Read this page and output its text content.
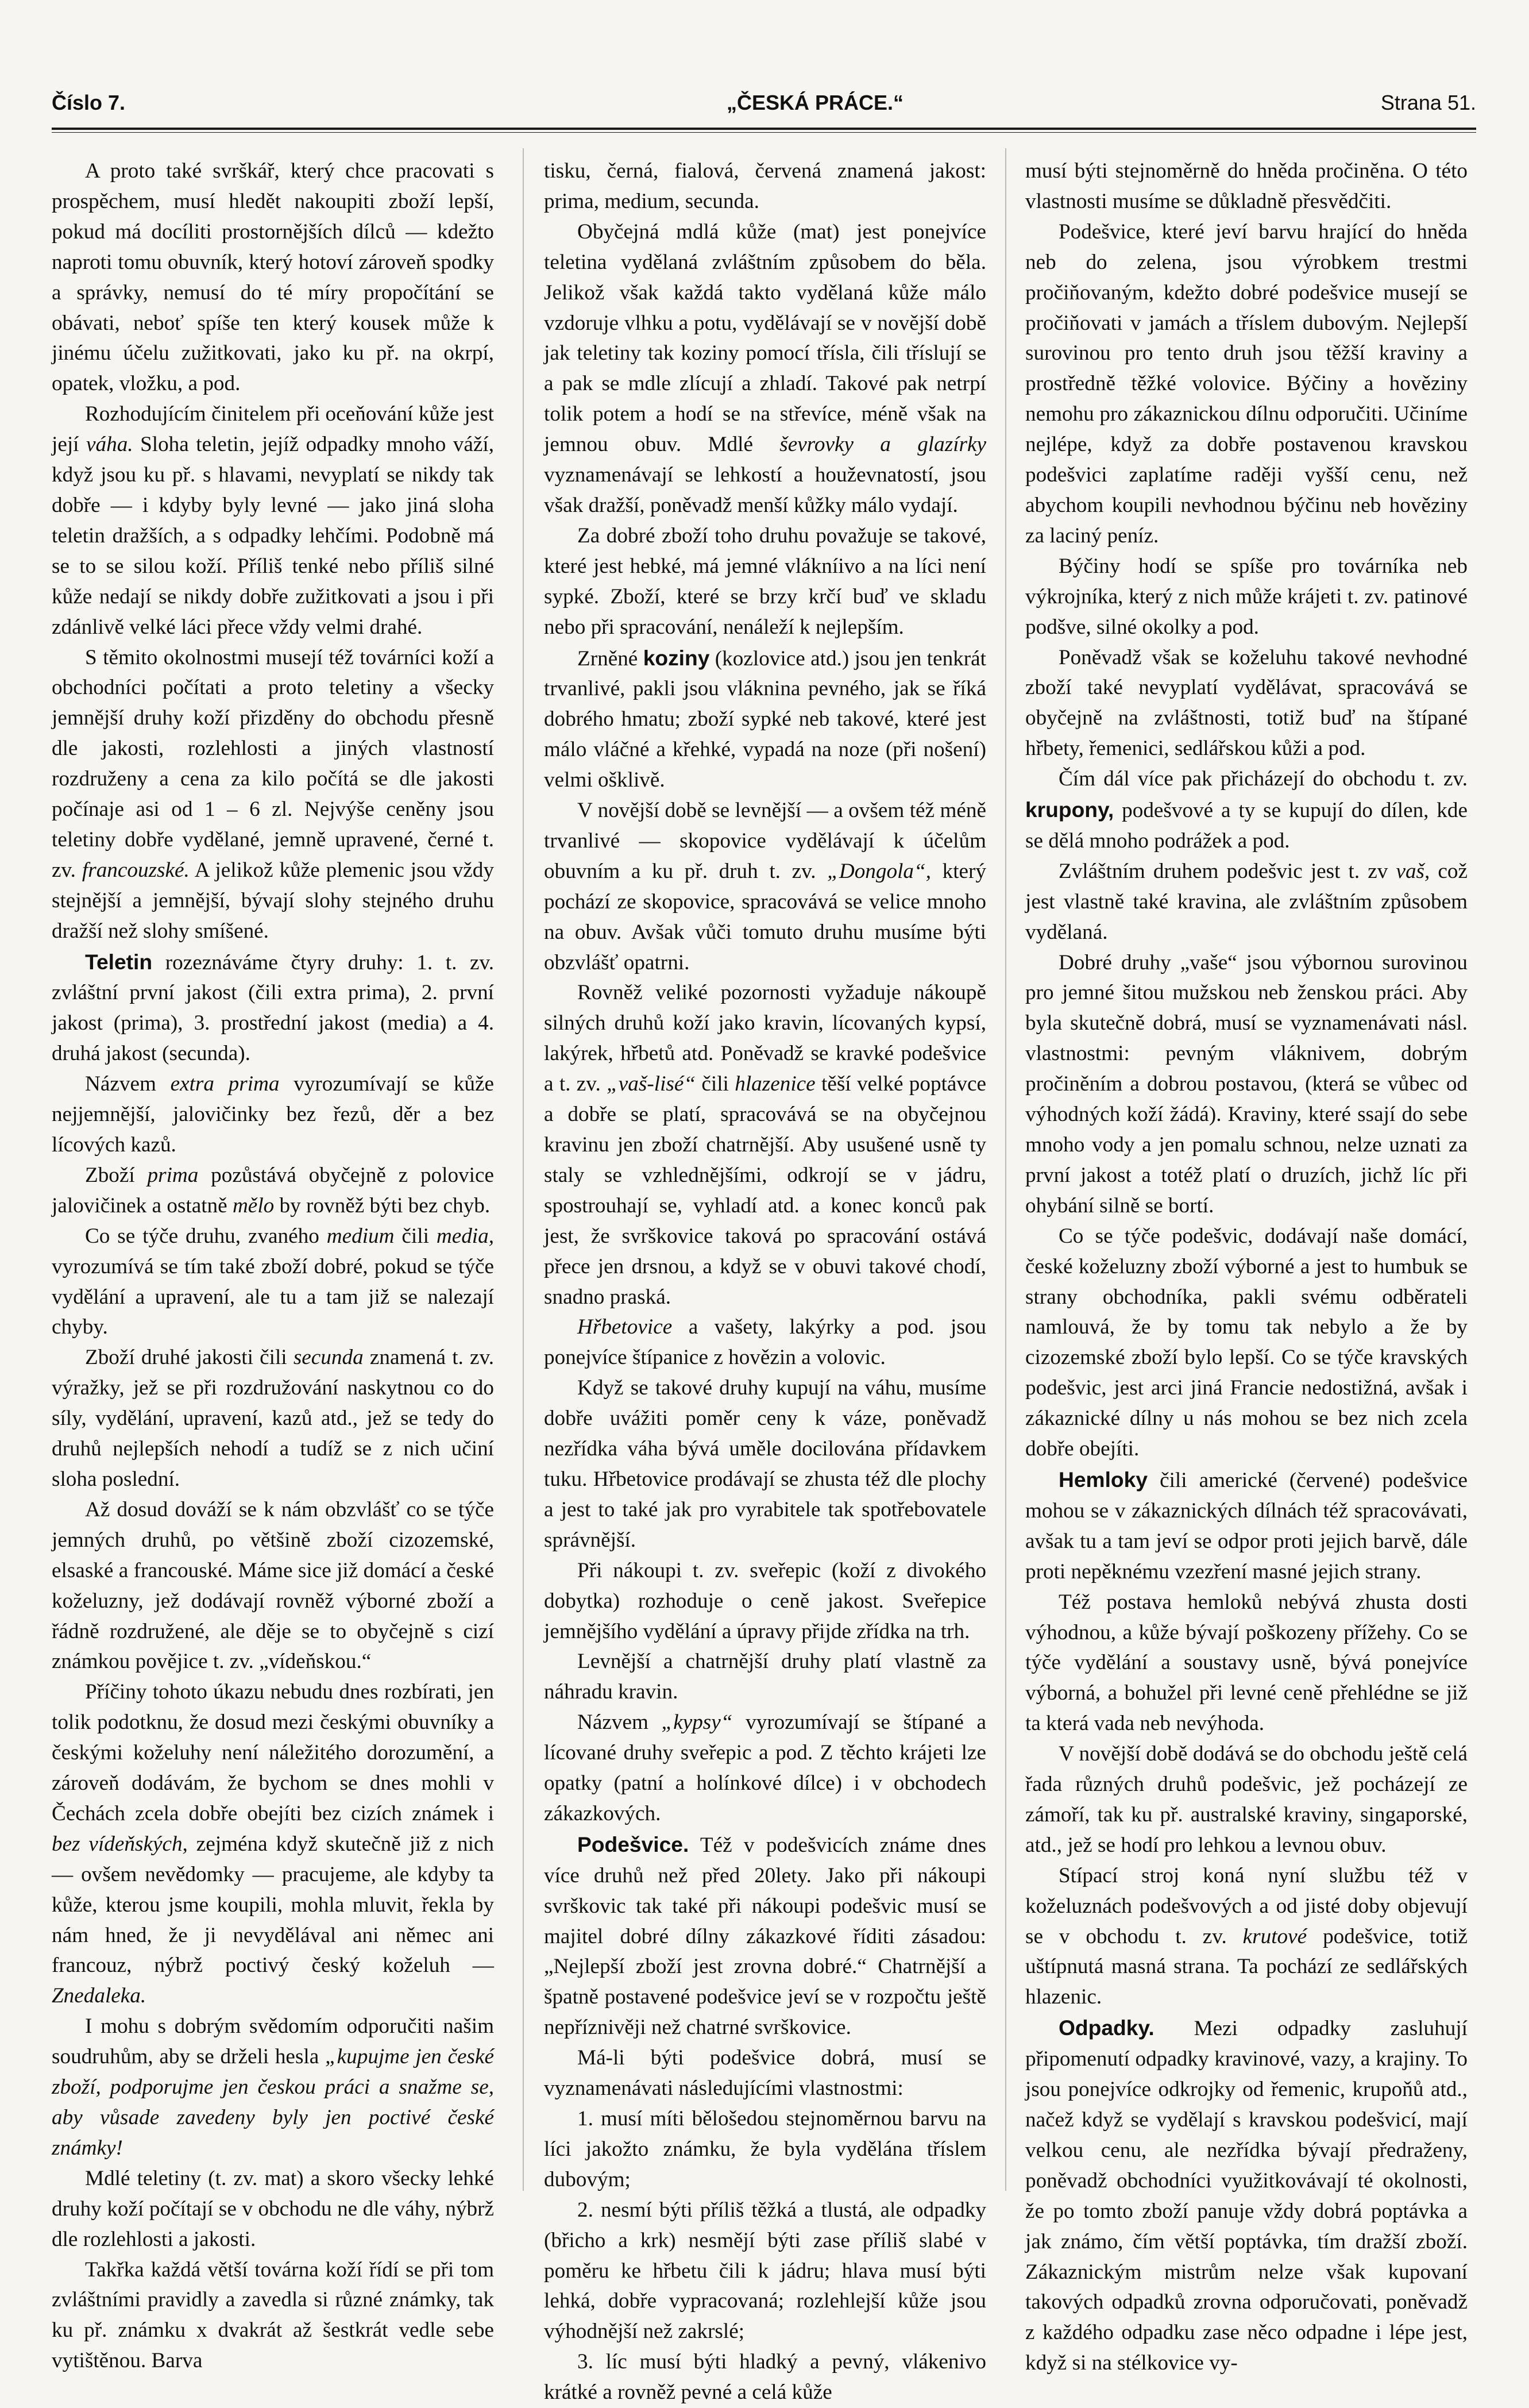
Číslo 7.	„ČESKÁ PRÁCE.“	Strana 51.

A proto také svrškář, který chce pracovati s prospěchem, musí hledět nakoupiti zboží lepší, pokud má docíliti prostornějších dílců — kdežto naproti tomu obuvník, který hotoví zároveň spodky a správky, nemusí do té míry propočítání se obávati, neboť spíše ten který kousek může k jinému účelu zužitkovati, jako ku př. na okrpí, opatek, vložku, a pod.

Rozhodujícím činitelem při oceňování kůže jest její váha. Sloha teletin, jejíž odpadky mnoho váží, když jsou ku př. s hlavami, nevyplatí se nikdy tak dobře — i kdyby byly levné — jako jiná sloha teletin dražších, a s odpadky lehčími. Podobně má se to se silou koží. Příliš tenké nebo příliš silné kůže nedají se nikdy dobře zužitkovati a jsou i při zdánlivě velké láci přece vždy velmi drahé.

S těmito okolnostmi musejí též továrníci koží a obchodníci počítati a proto teletiny a všecky jemnější druhy koží přizděny do obchodu přesně dle jakosti, rozlehlosti a jiných vlastností rozdruženy a cena za kilo počítá se dle jakosti počínaje asi od 1 – 6 zl. Nejvýše ceněny jsou teletiny dobře vydělané, jemně upravené, černé t. zv. francouzské. A jelikož kůže plemenic jsou vždy stejnější a jemnější, bývají slohy stejného druhu dražší než slohy smíšené.

Teletin rozeznáváme čtyry druhy: 1. t. zv. zvláštní první jakost (čili extra prima), 2. první jakost (prima), 3. prostřední jakost (media) a 4. druhá jakost (secunda).

Názvem extra prima vyrozumívají se kůže nejjemnější, jalovičinky bez řezů, děr a bez lícových kazů.

Zboží prima pozůstává obyčejně z polovice jalovičinek a ostatně mělo by rovněž býti bez chyb.

Co se týče druhu, zvaného medium čili media, vyrozumívá se tím také zboží dobré, pokud se týče vydělání a upravení, ale tu a tam již se nalezají chyby.

Zboží druhé jakosti čili secunda znamená t. zv. výražky, jež se při rozdružování naskytnou co do síly, vydělání, upravení, kazů atd., jež se tedy do druhů nejlepších nehodí a tudíž se z nich učiní sloha poslední.

Až dosud dováží se k nám obzvlášť co se týče jemných druhů, po většině zboží cizozemské, elsaské a francouské. Máme sice již domácí a české koželuzny, jež dodávají rovněž výborné zboží a řádně rozdružené, ale děje se to obyčejně s cizí známkou povějice t. zv. „vídeňskou.“

Příčiny tohoto úkazu nebudu dnes rozbírati, jen tolik podotknu, že dosud mezi českými obuvníky a českými koželuhy není náležitého dorozumění, a zároveň dodávám, že bychom se dnes mohli v Čechách zcela dobře obejíti bez cizích známek i bez vídeňských, zejména když skutečně již z nich — ovšem nevědomky — pracujeme, ale kdyby ta kůže, kterou jsme koupili, mohla mluvit, řekla by nám hned, že ji nevydělával ani němec ani francouz, nýbrž poctivý český koželuh — Znedaleka.

I mohu s dobrým svědomím odporučiti našim soudruhům, aby se drželi hesla „kupujme jen české zboží, podporujme jen českou práci a snažme se, aby vůsade zavedeny byly jen poctivé české známky!

Mdlé teletiny (t. zv. mat) a skoro všecky lehké druhy koží počítají se v obchodu ne dle váhy, nýbrž dle rozlehlosti a jakosti.

Takřka každá větší továrna koží řídí se při tom zvláštními pravidly a zavedla si různé známky, tak ku př. známku x dvakrát až šestkrát vedle sebe vytištěnou. Barva

tisku, černá, fialová, červená znamená jakost: prima, medium, secunda.

Obyčejná mdlá kůže (mat) jest ponejvíce teletina vydělaná zvláštním způsobem do běla. Jelikož však každá takto vydělaná kůže málo vzdoruje vlhku a potu, vydělávají se v novější době jak teletiny tak koziny pomocí třísla, čili tříslují se a pak se mdle zlícují a zhladí. Takové pak netrpí tolik potem a hodí se na střevíce, méně však na jemnou obuv. Mdlé ševrovky a glazírky vyznamenávají se lehkostí a houževnatostí, jsou však dražší, poněvadž menší kůžky málo vydají.

Za dobré zboží toho druhu považuje se takové, které jest hebké, má jemné vlákníivo a na líci není sypké. Zboží, které se brzy krčí buď ve skladu nebo při spracování, nenáleží k nejlepším.

Zrněné koziny (kozlovice atd.) jsou jen tenkrát trvanlivé, pakli jsou vláknina pevného, jak se říká dobrého hmatu; zboží sypké neb takové, které jest málo vláčné a křehké, vypadá na noze (při nošení) velmi ošklivě.

V novější době se levnější — a ovšem též méně trvanlivé — skopovice vydělávají k účelům obuvním a ku př. druh t. zv. „Dongola“, který pochází ze skopovice, spracovává se velice mnoho na obuv. Avšak vůči tomuto druhu musíme býti obzvlášť opatrni.

Rovněž veliké pozornosti vyžaduje nákoupě silných druhů koží jako kravin, lícovaných kypsí, lakýrek, hřbetů atd. Poněvadž se kravké podešvice a t. zv. „vaš-lisé“ čili hlazenice těší velké poptávce a dobře se platí, spracovává se na obyčejnou kravinu jen zboží chatrnější. Aby usušené usně ty staly se vzhlednějšími, odkrojí se v jádru, spostrouhají se, vyhladí atd. a konec konců pak jest, že svrškovice taková po spracování ostává přece jen drsnou, a když se v obuvi takové chodí, snadno praská.

Hřbetovice a vašety, lakýrky a pod. jsou ponejvíce štípanice z hovězin a volovic.

Když se takové druhy kupují na váhu, musíme dobře uvážiti poměr ceny k váze, poněvadž nezřídka váha bývá uměle docilována přídavkem tuku. Hřbetovice prodávají se zhusta též dle plochy a jest to také jak pro vyrabitele tak spotřebovatele správnější.

Při nákoupi t. zv. svеřepic (koží z divokého dobytka) rozhoduje o ceně jakost. Svеřepice jemnějšího vydělání a úpravy přijde zřídka na trh.

Levnější a chatrnější druhy platí vlastně za náhradu kravin.

Názvem „kypsy“ vyrozumívají se štípané a lícované druhy svеřepic a pod. Z těchto krájeti lze opatky (patní a holínkové dílce) i v obchodech zákazkových.

Podešvice. Též v podešvicích známe dnes více druhů než před 20lety. Jako při nákoupi svrškovic tak také při nákoupi podešvic musí se majitel dobré dílny zákazkové říditi zásadou: „Nejlepší zboží jest zrovna dobré.“ Chatrnější a špatně postavené podešvice jeví se v rozpočtu ještě nepříznivěji než chatrné svrškovice.

Má-li býti podešvice dobrá, musí se vyznamenávati následujícími vlastnostmi:

1. musí míti bělošedou stejnoměrnou barvu na líci jakožto známku, že byla vydělána tříslem dubovým;

2. nesmí býti příliš těžká a tlustá, ale odpadky (břicho a krk) nesmějí býti zase příliš slabé v poměru ke hřbetu čili k jádru; hlava musí býti lehká, dobře vypracovaná; rozlehlejší kůže jsou výhodnější než zakrslé;

3. líc musí býti hladký a pevný, vlákenivo krátké a rovněž pevné a celá kůže

musí býti stejnoměrně do hněda pročiněna. O této vlastnosti musíme se důkladně přesvědčiti.

Podešvice, které jeví barvu hrající do hněda neb do zelena, jsou výrobkem trestmi pročiňovaným, kdežto dobré podešvice musejí se pročiňovati v jamách a tříslem dubovým. Nejlepší surovinou pro tento druh jsou těžší kraviny a prostředně těžké volovice. Býčiny a hověziny nemohu pro zákaznickou dílnu odporučiti. Učiníme nejlépe, když za dobře postavenou kravskou podešvici zaplatíme raději vyšší cenu, než abychom koupili nevhodnou býčinu neb hověziny za laciný peníz.

Býčiny hodí se spíše pro továrníka neb výkrojníka, který z nich může krájeti t. zv. patinové podšve, silné okolky a pod.

Poněvadž však se koželuhu takové nevhodné zboží také nevyplatí vydělávat, spracovává se obyčejně na zvláštnosti, totiž buď na štípané hřbety, řemenici, sedlářskou kůži a pod.

Čím dál více pak přicházejí do obchodu t. zv. krupony, podešvové a ty se kupují do dílen, kde se dělá mnoho podrážek a pod.

Zvláštním druhem podešvic jest t. zv vaš, což jest vlastně také kravina, ale zvláštním způsobem vydělaná.

Dobré druhy „vaše“ jsou výbornou surovinou pro jemné šitou mužskou neb ženskou práci. Aby byla skutečně dobrá, musí se vyznamenávati násl. vlastnostmi: pevným vláknivem, dobrým pročiněním a dobrou postavou, (která se vůbec od výhodných koží žádá). Kraviny, které ssají do sebe mnoho vody a jen pomalu schnou, nelze uznati za první jakost a totéž platí o druzích, jichž líc při ohybání silně se bortí.

Co se týče podešvic, dodávají naše domácí, české koželuzny zboží výborné a jest to humbuk se strany obchodníka, pakli svému odběrateli namlouvá, že by tomu tak nebylo a že by cizozemské zboží bylo lepší. Co se týče kravských podešvic, jest arci jiná Francie nedostižná, avšak i zákaznické dílny u nás mohou se bez nich zcela dobře obejíti.

Hemloky čili americké (červené) podešvice mohou se v zákaznických dílnách též spracovávati, avšak tu a tam jeví se odpor proti jejich barvě, dále proti nepěknému vzezření masné jejich strany.

Též postava hemloků nebývá zhusta dosti výhodnou, a kůže bývají poškozeny přížehy. Co se týče vydělání a soustavy usně, bývá ponejvíce výborná, a bohužel při levné ceně přehlédne se již ta která vada neb nevýhoda.

V novější době dodává se do obchodu ještě celá řada různých druhů podešvic, jež pocházejí ze zámoří, tak ku př. australské kraviny, singaporské, atd., jež se hodí pro lehkou a levnou obuv.

Stípací stroj koná nyní službu též v koželuznách podešvových a od jisté doby objevují se v obchodu t. zv. krutové podešvice, totiž uštípnutá masná strana. Ta pochází ze sedlářských hlazenic.

Odpadky. Mezi odpadky zasluhují připomenutí odpadky kravinové, vazy, a krajiny. To jsou ponejvíce odkrojky od řemenic, krupoňů atd., načež když se vydělají s kravskou podešvicí, mají velkou cenu, ale nezřídka bývají předraženy, poněvadž obchodníci využitkovávají té okolnosti, že po tomto zboží panuje vždy dobrá poptávka a jak známo, čím větší poptávka, tím dražší zboží. Zákaznickým mistrům nelze však kupovaní takových odpadků zrovna odporučovati, poněvadž z každého odpadku zase něco odpadne i lépe jest, když si na stélkovice vy-
